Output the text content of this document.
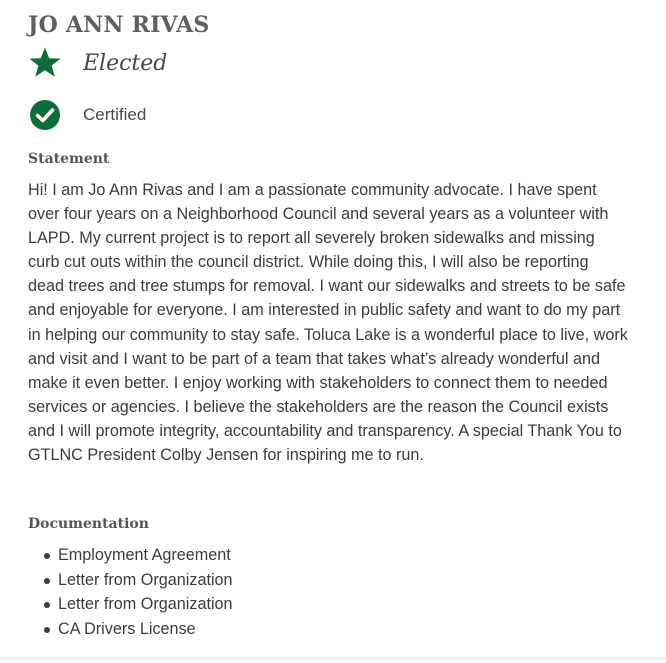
JO ANN RIVAS
Elected
Certified
Statement

Hi! I am Jo Ann Rivas and I am a passionate community advocate. I have spent over four years on a Neighborhood Council and several years as a volunteer with LAPD. My current project is to report all severely broken sidewalks and missing curb cut outs within the council district. While doing this, I will also be reporting dead trees and tree stumps for removal. I want our sidewalks and streets to be safe and enjoyable for everyone. I am interested in public safety and want to do my part in helping our community to stay safe. Toluca Lake is a wonderful place to live, work and visit and I want to be part of a team that takes what’s already wonderful and make it even better. I enjoy working with stakeholders to connect them to needed services or agencies. I believe the stakeholders are the reason the Council exists and I will promote integrity, accountability and transparency. A special Thank You to GTLNC President Colby Jensen for inspiring me to run.

Documentation
Employment Agreement
Letter from Organization
Letter from Organization
CA Drivers License
